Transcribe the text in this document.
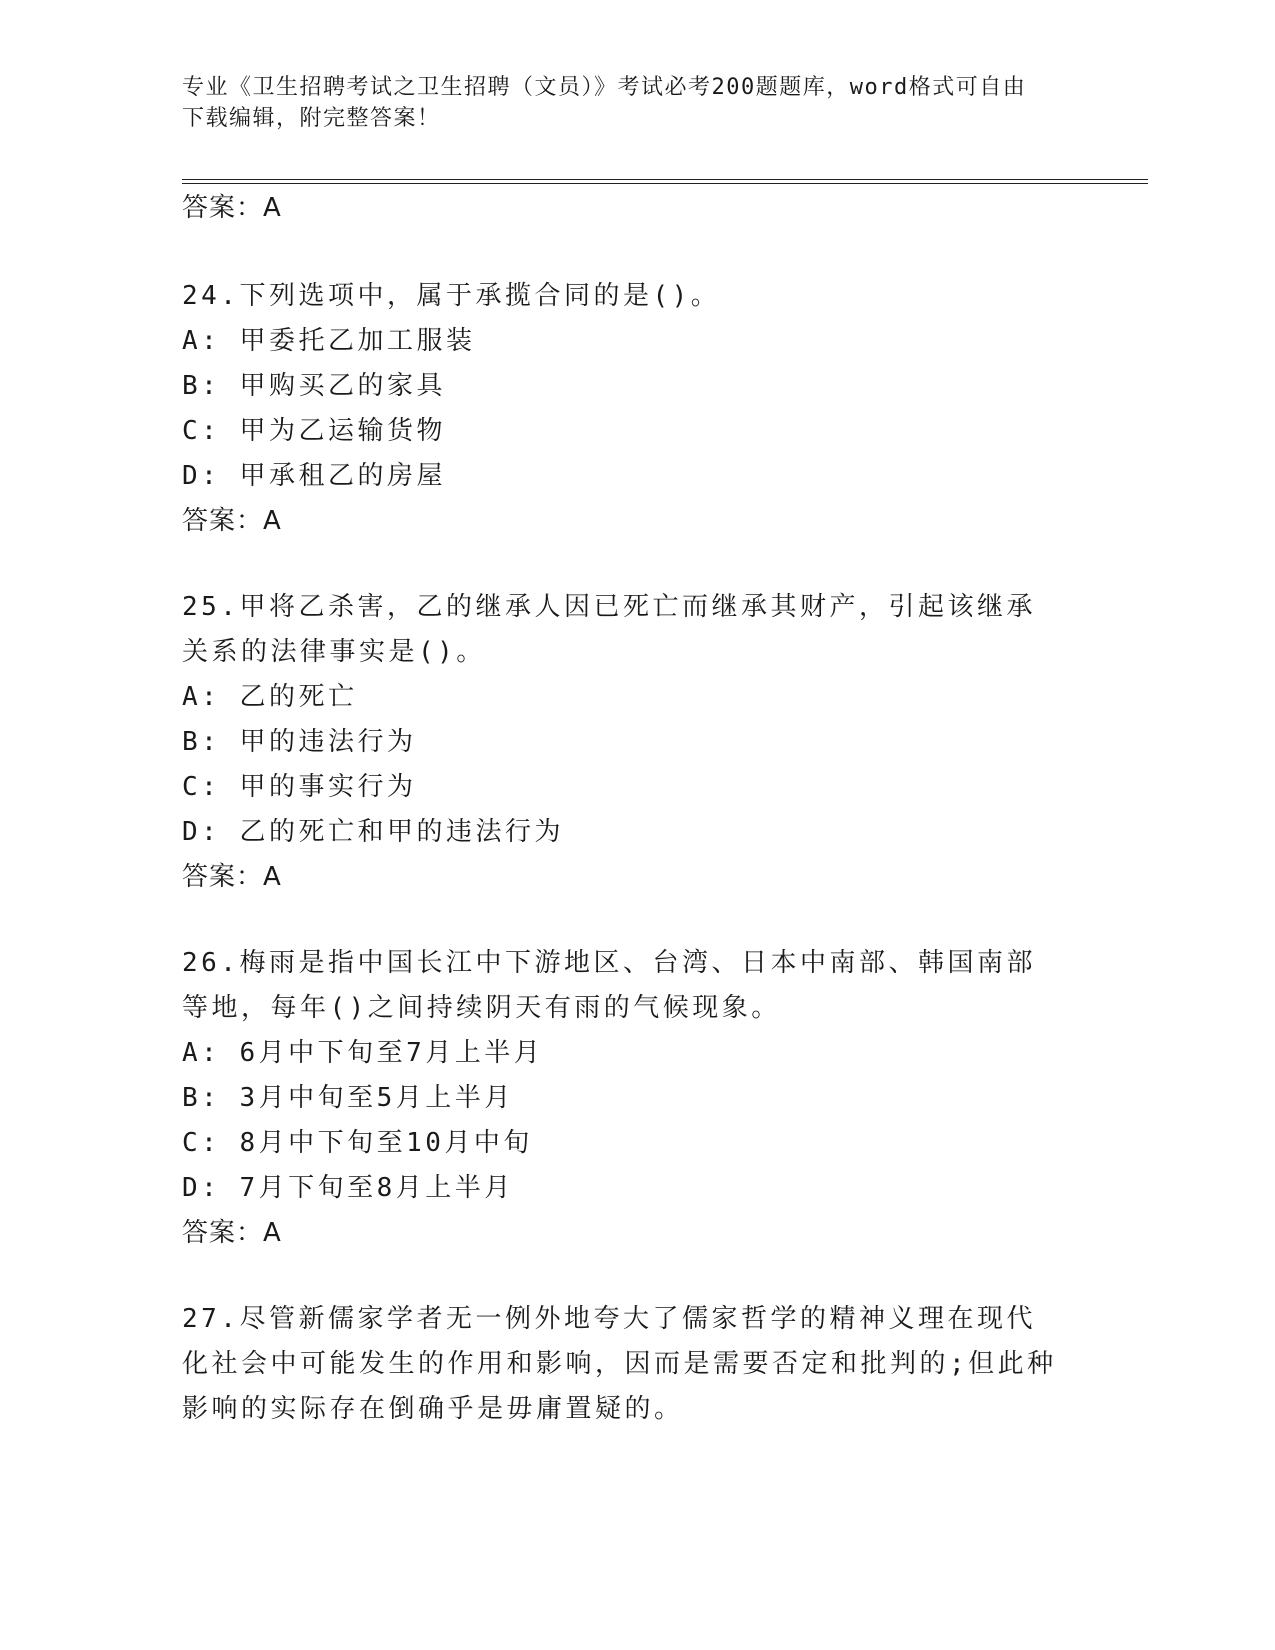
专业《卫生招聘考试之卫生招聘（文员）》考试必考200题题库，word格式可自由下载编辑，附完整答案！
答案：A
24.下列选项中，属于承揽合同的是()。
A: 甲委托乙加工服装
B: 甲购买乙的家具
C: 甲为乙运输货物
D: 甲承租乙的房屋
答案：A
25.甲将乙杀害，乙的继承人因已死亡而继承其财产，引起该继承关系的法律事实是()。
A: 乙的死亡
B: 甲的违法行为
C: 甲的事实行为
D: 乙的死亡和甲的违法行为
答案：A
26.梅雨是指中国长江中下游地区、台湾、日本中南部、韩国南部等地，每年()之间持续阴天有雨的气候现象。
A: 6月中下旬至7月上半月
B: 3月中旬至5月上半月
C: 8月中下旬至10月中旬
D: 7月下旬至8月上半月
答案：A
27.尽管新儒家学者无一例外地夸大了儒家哲学的精神义理在现代化社会中可能发生的作用和影响，因而是需要否定和批判的;但此种影响的实际存在倒确乎是毋庸置疑的。
